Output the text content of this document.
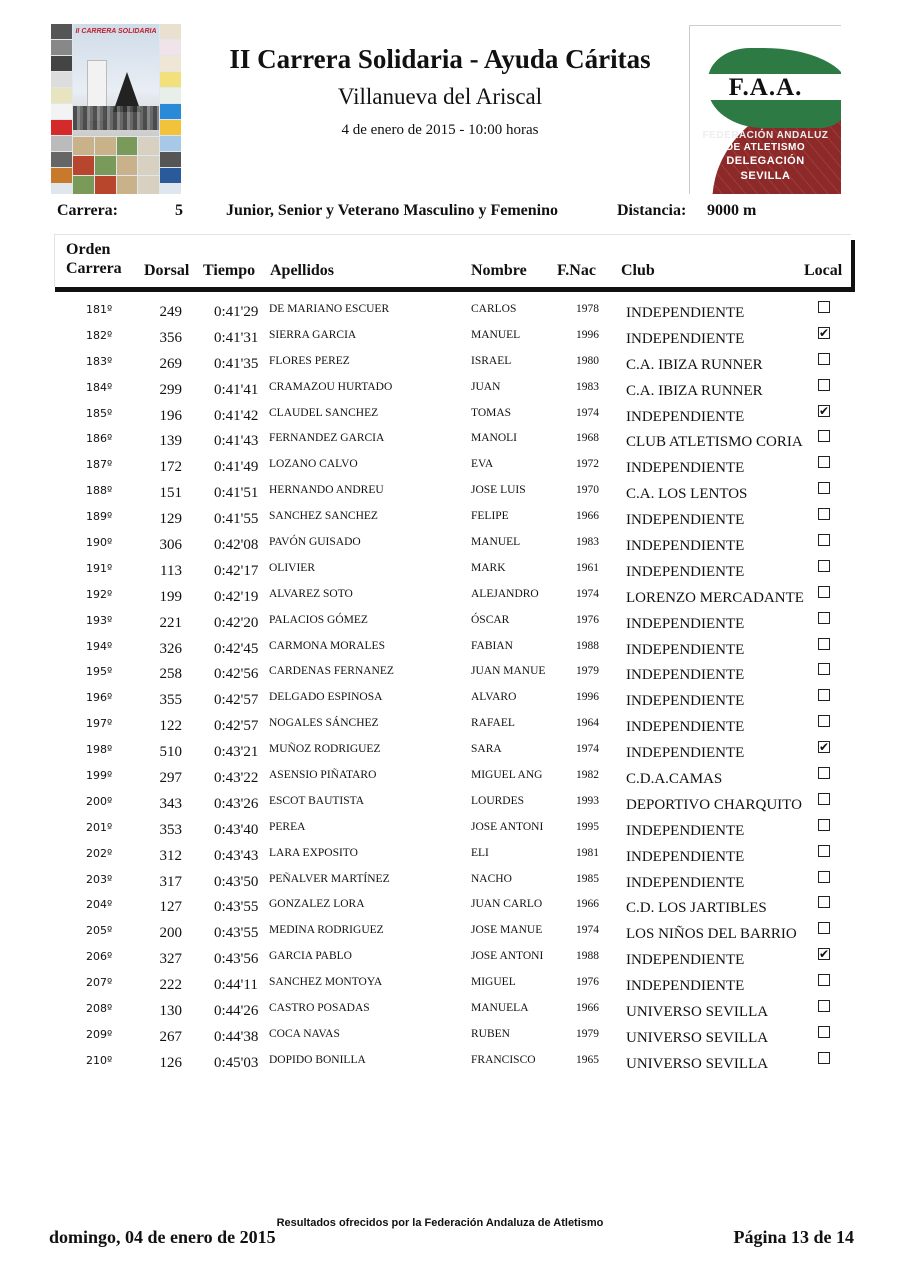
II CARRERA SOLIDARIA
II Carrera Solidaria - Ayuda Cáritas
Villanueva del Ariscal
4 de enero de 2015 - 10:00 horas
F.A.A.
FEDERACIÓN ANDALUZ
DE ATLETISMO
DELEGACIÓN
SEVILLA
Carrera:	5	Junior, Senior y Veterano Masculino y Femenino	Distancia: 9000 m
Orden
Carrera Dorsal Tiempo Apellidos	Nombre F.Nac Club	Local
181º	249 0:41'29 DE MARIANO ESCUER	CARLOS	1978 INDEPENDIENTE
182º	356 0:41'31 SIERRA GARCIA	MANUEL	1996 INDEPENDIENTE	✔
183º	269 0:41'35 FLORES PEREZ	ISRAEL	1980 C.A. IBIZA RUNNER
184º	299 0:41'41 CRAMAZOU HURTADO	JUAN	1983 C.A. IBIZA RUNNER
185º	196 0:41'42 CLAUDEL SANCHEZ	TOMAS	1974 INDEPENDIENTE	✔
186º	139 0:41'43 FERNANDEZ GARCIA	MANOLI	1968 CLUB ATLETISMO CORIA
187º	172 0:41'49 LOZANO CALVO	EVA	1972 INDEPENDIENTE
188º	151 0:41'51 HERNANDO ANDREU	JOSE LUIS	1970 C.A. LOS LENTOS
189º	129 0:41'55 SANCHEZ SANCHEZ	FELIPE	1966 INDEPENDIENTE
190º	306 0:42'08 PAVÓN GUISADO	MANUEL	1983 INDEPENDIENTE
191º	113 0:42'17 OLIVIER	MARK	1961 INDEPENDIENTE
192º	199 0:42'19 ALVAREZ SOTO	ALEJANDRO	1974 LORENZO MERCADANTE
193º	221 0:42'20 PALACIOS GÓMEZ	ÓSCAR	1976 INDEPENDIENTE
194º	326 0:42'45 CARMONA MORALES	FABIAN	1988 INDEPENDIENTE
195º	258 0:42'56 CARDENAS FERNANEZ	JUAN MANUE	1979 INDEPENDIENTE
196º	355 0:42'57 DELGADO ESPINOSA	ALVARO	1996 INDEPENDIENTE
197º	122 0:42'57 NOGALES SÁNCHEZ	RAFAEL	1964 INDEPENDIENTE
198º	510 0:43'21 MUÑOZ RODRIGUEZ	SARA	1974 INDEPENDIENTE	✔
199º	297 0:43'22 ASENSIO PIÑATARO	MIGUEL ANG	1982 C.D.A.CAMAS
200º	343 0:43'26 ESCOT BAUTISTA	LOURDES	1993 DEPORTIVO CHARQUITO
201º	353 0:43'40 PEREA	JOSE ANTONI	1995 INDEPENDIENTE
202º	312 0:43'43 LARA EXPOSITO	ELI	1981 INDEPENDIENTE
203º	317 0:43'50 PEÑALVER MARTÍNEZ	NACHO	1985 INDEPENDIENTE
204º	127 0:43'55 GONZALEZ LORA	JUAN CARLO	1966 C.D. LOS JARTIBLES
205º	200 0:43'55 MEDINA RODRIGUEZ	JOSE MANUE	1974 LOS NIÑOS DEL BARRIO
206º	327 0:43'56 GARCIA PABLO	JOSE ANTONI	1988 INDEPENDIENTE	✔
207º	222 0:44'11 SANCHEZ MONTOYA	MIGUEL	1976 INDEPENDIENTE
208º	130 0:44'26 CASTRO POSADAS	MANUELA	1966 UNIVERSO SEVILLA
209º	267 0:44'38 COCA NAVAS	RUBEN	1979 UNIVERSO SEVILLA
210º	126 0:45'03 DOPIDO BONILLA	FRANCISCO	1965 UNIVERSO SEVILLA
Resultados ofrecidos por la Federación Andaluza de Atletismo
domingo, 04 de enero de 2015	Página 13 de 14
